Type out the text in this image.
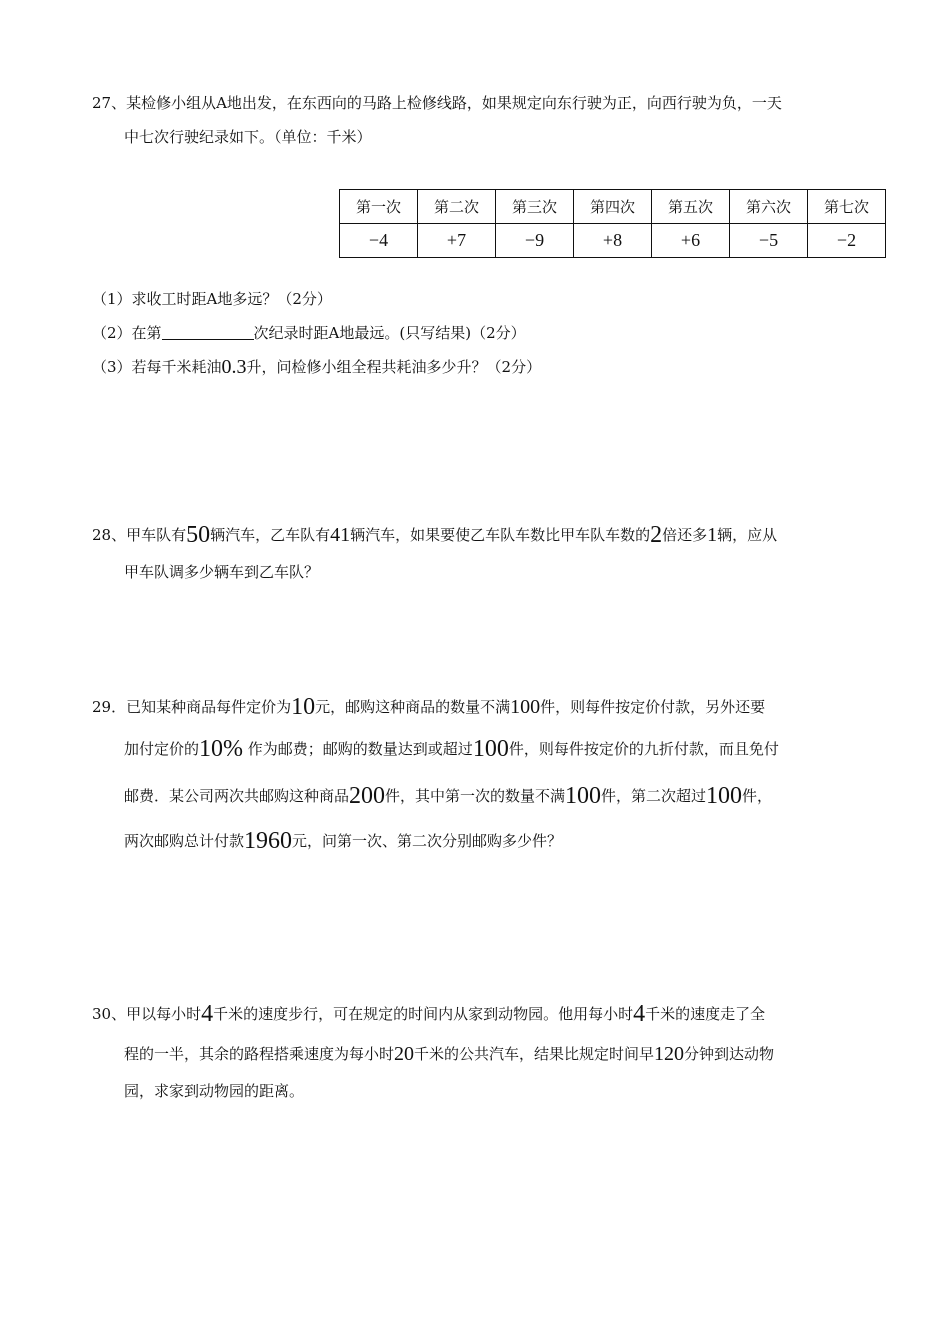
27、某检修小组从A地出发，在东西向的马路上检修线路，如果规定向东行驶为正，向西行驶为负，一天
中七次行驶纪录如下。（单位：千米）
第一次	第二次	第三次	第四次	第五次	第六次	第七次
−4	+7	−9	+8	+6	−5	−2
（1）求收工时距A地多远？（2分）
（2）在第	次纪录时距A地最远。(只写结果)（2分）
（3）若每千米耗油0.3升，问检修小组全程共耗油多少升？（2分）
28、甲车队有50辆汽车，乙车队有41辆汽车，如果要使乙车队车数比甲车队车数的2倍还多1辆，应从
甲车队调多少辆车到乙车队？
29．已知某种商品每件定价为10元，邮购这种商品的数量不满100件，则每件按定价付款，另外还要
加付定价的10% 作为邮费；邮购的数量达到或超过100件，则每件按定价的九折付款，而且免付
邮费．某公司两次共邮购这种商品200件，其中第一次的数量不满100件，第二次超过100件，
两次邮购总计付款1960元，问第一次、第二次分别邮购多少件？
30、甲以每小时4千米的速度步行，可在规定的时间内从家到动物园。他用每小时4千米的速度走了全
程的一半，其余的路程搭乘速度为每小时20千米的公共汽车，结果比规定时间早120分钟到达动物
园，求家到动物园的距离。
